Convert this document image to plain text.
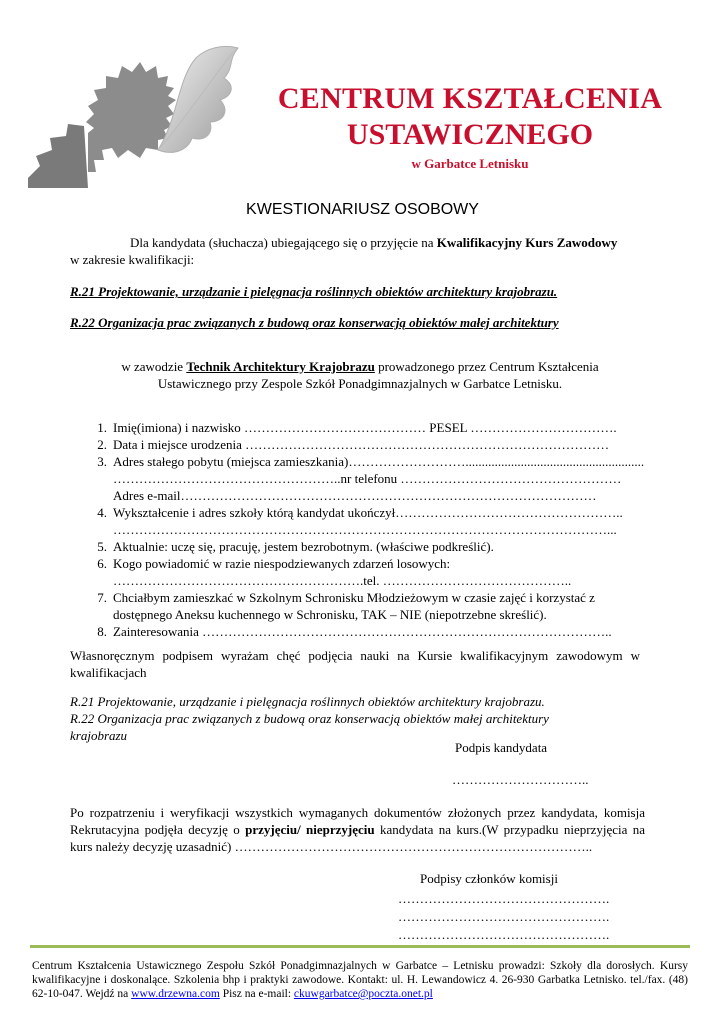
CENTRUM KSZTAŁCENIA
USTAWICZNEGO
w Garbatce Letnisku
KWESTIONARIUSZ OSOBOWY
Dla kandydata (słuchacza) ubiegającego się o przyjęcie na Kwalifikacyjny Kurs Zawodowy
w zakresie kwalifikacji:
R.21 Projektowanie, urządzanie i pielęgnacja roślinnych obiektów architektury krajobrazu.
R.22 Organizacja prac związanych z budową oraz konserwacją obiektów małej architektury
w zawodzie Technik Architektury Krajobrazu prowadzonego przez Centrum Kształcenia
Ustawicznego przy Zespole Szkół Ponadgimnazjalnych w Garbatce Letnisku.
1. Imię(imiona) i nazwisko …………………………………… PESEL …………………………….
2. Data i miejsce urodzenia …………………………………………………………………………
3. Adres stałego pobytu (miejsca zamieszkania)……………………….......................................................
……………………………………………..nr telefonu ……………………………………………
Adres e-mail……………………………………………………………………………………
4. Wykształcenie i adres szkoły którą kandydat ukończył……………………………………………..
……………………………………………………………………………………………………...
5. Aktualnie: uczę się, pracuję, jestem bezrobotnym. (właściwe podkreślić).
6. Kogo powiadomić w razie niespodziewanych zdarzeń losowych:
………………………………………………….tel. ……………………………………..
7. Chciałbym zamieszkać w Szkolnym Schronisku Młodzieżowym w czasie zajęć i korzystać z dostępnego Aneksu kuchennego w Schronisku, TAK – NIE (niepotrzebne skreślić).
8. Zainteresowania …………………………………………………………………………………..
Własnoręcznym podpisem wyrażam chęć podjęcia nauki na Kursie kwalifikacyjnym zawodowym w kwalifikacjach
R.21 Projektowanie, urządzanie i pielęgnacja roślinnych obiektów architektury krajobrazu.
R.22 Organizacja prac związanych z budową oraz konserwacją obiektów małej architektury krajobrazu
Podpis kandydata
…………………………..
Po rozpatrzeniu i weryfikacji wszystkich wymaganych dokumentów złożonych przez kandydata, komisja Rekrutacyjna podjęła decyzję o przyjęciu/ nieprzyjęciu kandydata na kurs.(W przypadku nieprzyjęcia na kurs należy decyzję uzasadnić) ………………………………………………………………………..
Podpisy członków komisji
………………………………………….
………………………………………….
………………………………………….
Centrum Kształcenia Ustawicznego Zespołu Szkół Ponadgimnazjalnych w Garbatce – Letnisku prowadzi: Szkoły dla dorosłych. Kursy kwalifikacyjne i doskonalące. Szkolenia bhp i praktyki zawodowe. Kontakt: ul. H. Lewandowicz 4. 26-930 Garbatka Letnisko. tel./fax. (48) 62-10-047. Wejdź na www.drzewna.com Pisz na e-mail: ckuwgarbatce@poczta.onet.pl
